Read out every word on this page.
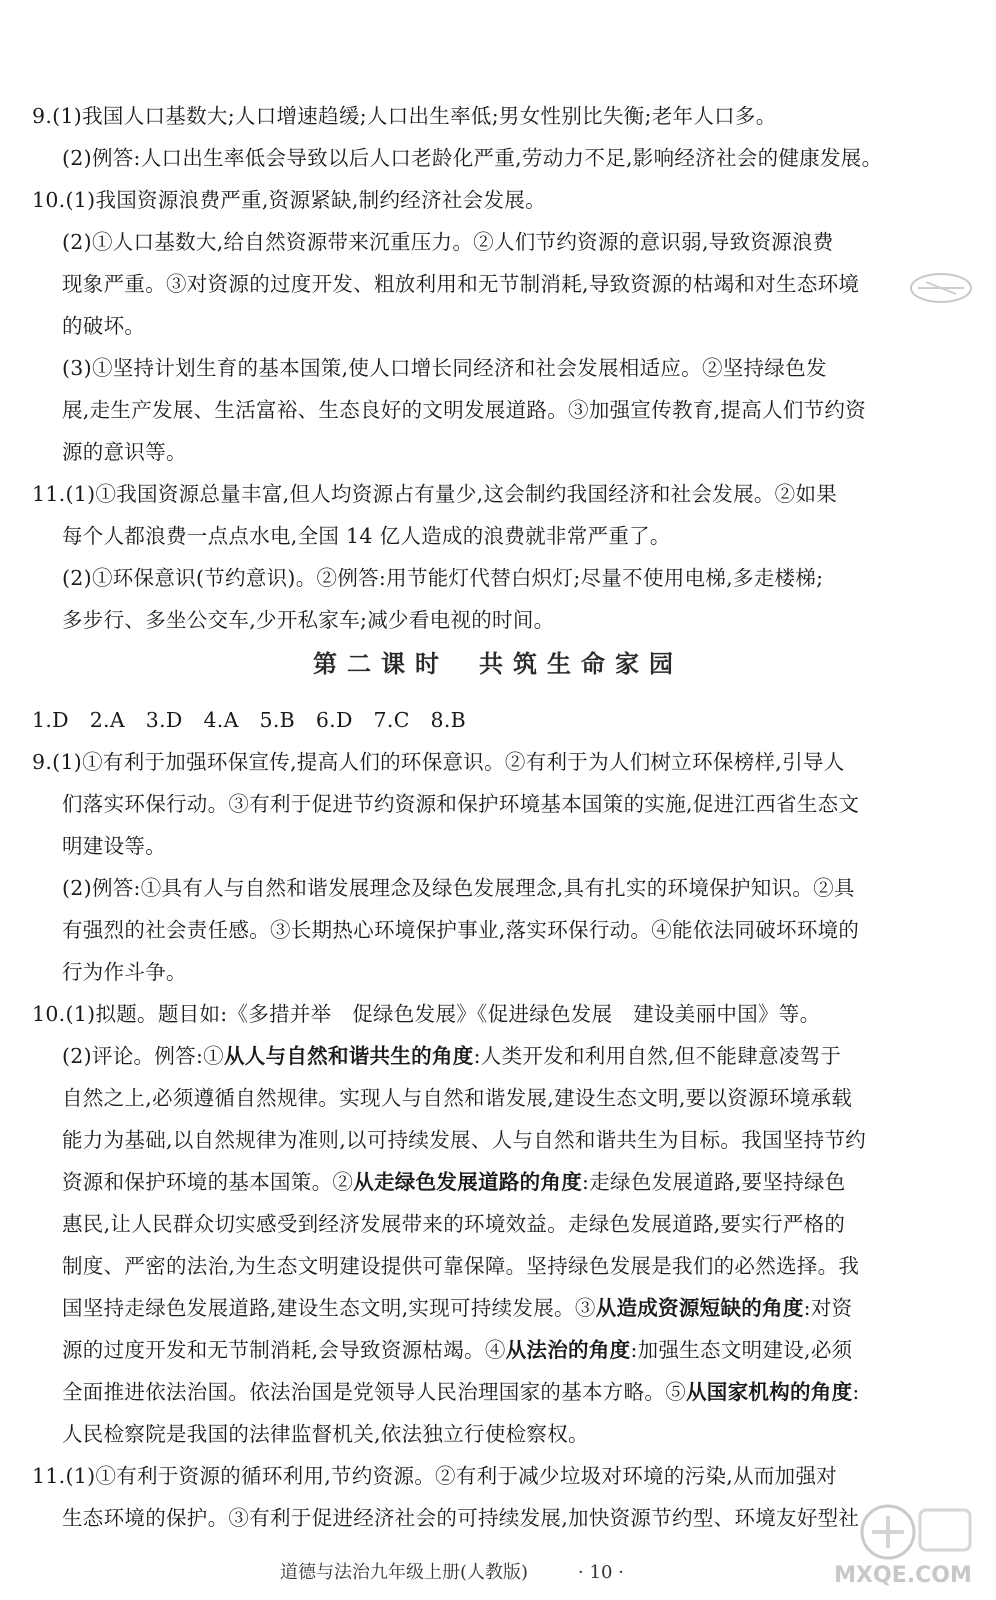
9.(1)我国人口基数大;人口增速趋缓;人口出生率低;男女性别比失衡;老年人口多。
(2)例答:人口出生率低会导致以后人口老龄化严重,劳动力不足,影响经济社会的健康发展。
10.(1)我国资源浪费严重,资源紧缺,制约经济社会发展。
(2)①人口基数大,给自然资源带来沉重压力。②人们节约资源的意识弱,导致资源浪费
现象严重。③对资源的过度开发、粗放利用和无节制消耗,导致资源的枯竭和对生态环境
的破坏。
(3)①坚持计划生育的基本国策,使人口增长同经济和社会发展相适应。②坚持绿色发
展,走生产发展、生活富裕、生态良好的文明发展道路。③加强宣传教育,提高人们节约资
源的意识等。
11.(1)①我国资源总量丰富,但人均资源占有量少,这会制约我国经济和社会发展。②如果
每个人都浪费一点点水电,全国 14 亿人造成的浪费就非常严重了。
(2)①环保意识(节约意识)。②例答:用节能灯代替白炽灯;尽量不使用电梯,多走楼梯;
多步行、多坐公交车,少开私家车;减少看电视的时间。
第二课时 共筑生命家园
1.D　2.A　3.D　4.A　5.B　6.D　7.C　8.B
9.(1)①有利于加强环保宣传,提高人们的环保意识。②有利于为人们树立环保榜样,引导人
们落实环保行动。③有利于促进节约资源和保护环境基本国策的实施,促进江西省生态文
明建设等。
(2)例答:①具有人与自然和谐发展理念及绿色发展理念,具有扎实的环境保护知识。②具
有强烈的社会责任感。③长期热心环境保护事业,落实环保行动。④能依法同破坏环境的
行为作斗争。
10.(1)拟题。题目如:《多措并举　促绿色发展》《促进绿色发展　建设美丽中国》等。
(2)评论。例答:①从人与自然和谐共生的角度:人类开发和利用自然,但不能肆意凌驾于
自然之上,必须遵循自然规律。实现人与自然和谐发展,建设生态文明,要以资源环境承载
能力为基础,以自然规律为准则,以可持续发展、人与自然和谐共生为目标。我国坚持节约
资源和保护环境的基本国策。②从走绿色发展道路的角度:走绿色发展道路,要坚持绿色
惠民,让人民群众切实感受到经济发展带来的环境效益。走绿色发展道路,要实行严格的
制度、严密的法治,为生态文明建设提供可靠保障。坚持绿色发展是我们的必然选择。我
国坚持走绿色发展道路,建设生态文明,实现可持续发展。③从造成资源短缺的角度:对资
源的过度开发和无节制消耗,会导致资源枯竭。④从法治的角度:加强生态文明建设,必须
全面推进依法治国。依法治国是党领导人民治理国家的基本方略。⑤从国家机构的角度:
人民检察院是我国的法律监督机关,依法独立行使检察权。
11.(1)①有利于资源的循环利用,节约资源。②有利于减少垃圾对环境的污染,从而加强对
生态环境的保护。③有利于促进经济社会的可持续发展,加快资源节约型、环境友好型社
道德与法治九年级上册(人教版)	· 10 ·	MXQE.COM
